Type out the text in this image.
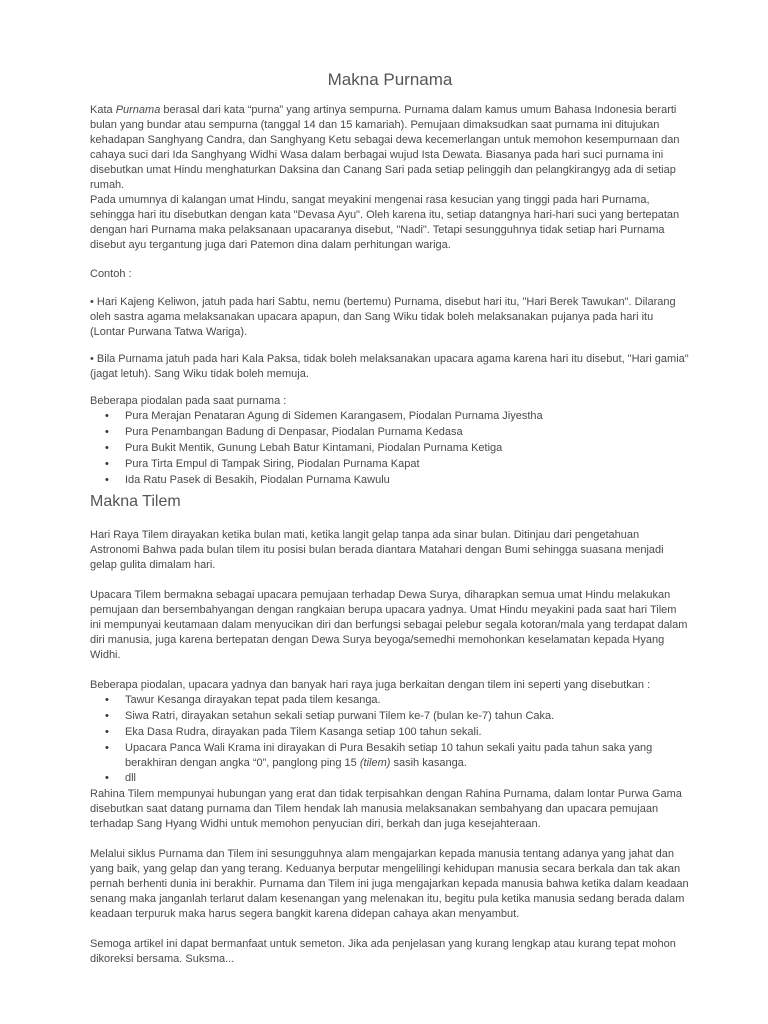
Makna Purnama

Kata Purnama berasal dari kata “purna” yang artinya sempurna. Purnama dalam kamus umum Bahasa Indonesia berarti bulan yang bundar atau sempurna (tanggal 14 dan 15 kamariah). Pemujaan dimaksudkan saat purnama ini ditujukan kehadapan Sanghyang Candra, dan Sanghyang Ketu sebagai dewa kecemerlangan untuk memohon kesempurnaan dan cahaya suci dari Ida Sanghyang Widhi Wasa dalam berbagai wujud Ista Dewata. Biasanya pada hari suci purnama ini disebutkan umat Hindu menghaturkan Daksina dan Canang Sari pada setiap pelinggih dan pelangkirangyg ada di setiap rumah.

Pada umumnya di kalangan umat Hindu, sangat meyakini mengenai rasa kesucian yang tinggi pada hari Purnama, sehingga hari itu disebutkan dengan kata "Devasa Ayu". Oleh karena itu, setiap datangnya hari-hari suci yang bertepatan dengan hari Purnama maka pelaksanaan upacaranya disebut, "Nadi". Tetapi sesungguhnya tidak setiap hari Purnama disebut ayu tergantung juga dari Patemon dina dalam perhitungan wariga.

Contoh :

• Hari Kajeng Keliwon, jatuh pada hari Sabtu, nemu (bertemu) Purnama, disebut hari itu, "Hari Berek Tawukan". Dilarang oleh sastra agama melaksanakan upacara apapun, dan Sang Wiku tidak boleh melaksanakan pujanya pada hari itu (Lontar Purwana Tatwa Wariga).

• Bila Purnama jatuh pada hari Kala Paksa, tidak boleh melaksanakan upacara agama karena hari itu disebut, "Hari gamia" (jagat letuh). Sang Wiku tidak boleh memuja.

Beberapa piodalan pada saat purnama :

• Pura Merajan Penataran Agung di Sidemen Karangasem, Piodalan Purnama Jiyestha
• Pura Penambangan Badung di Denpasar, Piodalan Purnama Kedasa
• Pura Bukit Mentik, Gunung Lebah Batur Kintamani, Piodalan Purnama Ketiga
• Pura Tirta Empul di Tampak Siring, Piodalan Purnama Kapat
• Ida Ratu Pasek di Besakih, Piodalan Purnama Kawulu
Makna Tilem

Hari Raya Tilem dirayakan ketika bulan mati, ketika langit gelap tanpa ada sinar bulan. Ditinjau dari pengetahuan Astronomi Bahwa pada bulan tilem itu posisi bulan berada diantara Matahari dengan Bumi sehingga suasana menjadi gelap gulita dimalam hari.

Upacara Tilem bermakna sebagai upacara pemujaan terhadap Dewa Surya, diharapkan semua umat Hindu melakukan pemujaan dan bersembahyangan dengan rangkaian berupa upacara yadnya. Umat Hindu meyakini pada saat hari Tilem ini mempunyai keutamaan dalam menyucikan diri dan berfungsi sebagai pelebur segala kotoran/mala yang terdapat dalam diri manusia, juga karena bertepatan dengan Dewa Surya beyoga/semedhi memohonkan keselamatan kepada Hyang Widhi.

Beberapa piodalan, upacara yadnya dan banyak hari raya juga berkaitan dengan tilem ini seperti yang disebutkan :

• Tawur Kesanga dirayakan tepat pada tilem kesanga.
• Siwa Ratri, dirayakan setahun sekali setiap purwani Tilem ke-7 (bulan ke-7) tahun Caka.
• Eka Dasa Rudra, dirayakan pada Tilem Kasanga setiap 100 tahun sekali.
• Upacara Panca Wali Krama ini dirayakan di Pura Besakih setiap 10 tahun sekali yaitu pada tahun saka yang berakhiran dengan angka “0”, panglong ping 15 (tilem) sasih kasanga.
• dll

Rahina Tilem mempunyai hubungan yang erat dan tidak terpisahkan dengan Rahina Purnama, dalam lontar Purwa Gama disebutkan saat datang purnama dan Tilem hendak lah manusia melaksanakan sembahyang dan upacara pemujaan terhadap Sang Hyang Widhi untuk memohon penyucian diri, berkah dan juga kesejahteraan.

Melalui siklus Purnama dan Tilem ini sesungguhnya alam mengajarkan kepada manusia tentang adanya yang jahat dan yang baik, yang gelap dan yang terang. Keduanya berputar mengelilingi kehidupan manusia secara berkala dan tak akan pernah berhenti dunia ini berakhir. Purnama dan Tilem ini juga mengajarkan kepada manusia bahwa ketika dalam keadaan senang maka janganlah terlarut dalam kesenangan yang melenakan itu, begitu pula ketika manusia sedang berada dalam keadaan terpuruk maka harus segera bangkit karena didepan cahaya akan menyambut.

Semoga artikel ini dapat bermanfaat untuk semeton. Jika ada penjelasan yang kurang lengkap atau kurang tepat mohon dikoreksi bersama. Suksma...
